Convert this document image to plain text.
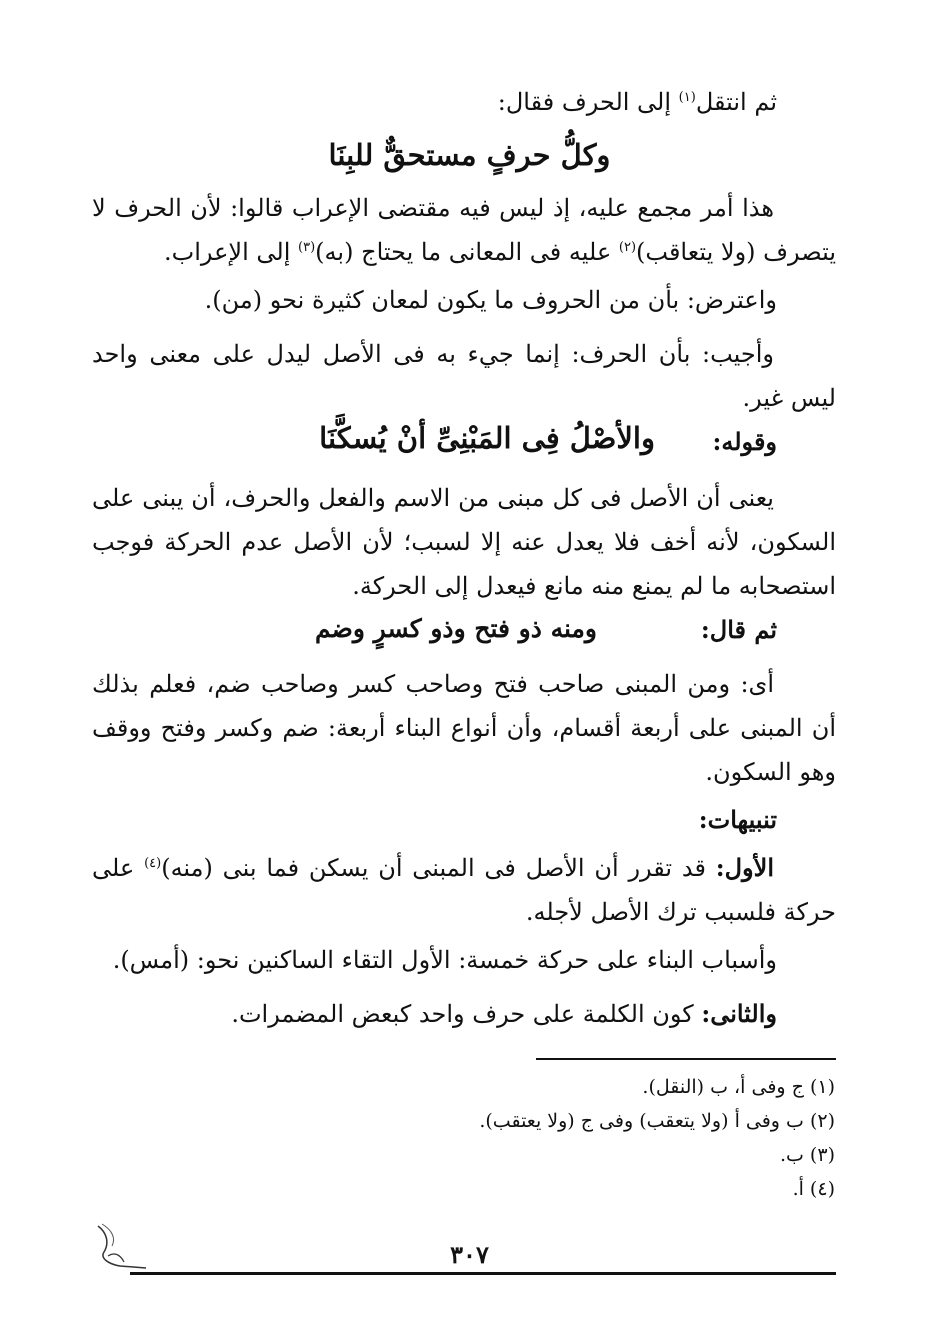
ثم انتقل$^{(١)}$ إلى الحرف فقال:

وكلُّ حرفٍ مستحقٌّ للبِنَا

هذا أمر مجمع عليه، إذ ليس فيه مقتضى الإعراب قالوا: لأن الحرف لا يتصرف (ولا يتعاقب)$^{(٢)}$ عليه فى المعانى ما يحتاج (به)$^{(٣)}$ إلى الإعراب.

واعترض: بأن من الحروف ما يكون لمعان كثيرة نحو (من).

وأجيب: بأن الحرف: إنما جيء به فى الأصل ليدل على معنى واحد ليس غير.

وقوله:
والأصْلُ فِى المَبْنِىِّ أنْ يُسكَّنَا

يعنى أن الأصل فى كل مبنى من الاسم والفعل والحرف، أن يبنى على السكون، لأنه أخف فلا يعدل عنه إلا لسبب؛ لأن الأصل عدم الحركة فوجب استصحابه ما لم يمنع منه مانع فيعدل إلى الحركة.

ثم قال:
ومنه ذو فتح وذو كسرٍ وضم

أى: ومن المبنى صاحب فتح وصاحب كسر وصاحب ضم، فعلم بذلك أن المبنى على أربعة أقسام، وأن أنواع البناء أربعة: ضم وكسر وفتح ووقف وهو السكون.

تنبيهات:

الأول: قد تقرر أن الأصل فى المبنى أن يسكن فما بنى (منه)$^{(٤)}$ على حركة فلسبب ترك الأصل لأجله.

وأسباب البناء على حركة خمسة: الأول التقاء الساكنين نحو: (أمس).

والثانى: كون الكلمة على حرف واحد كبعض المضمرات.

(١) ج وفى أ، ب (النقل).
(٢) ب وفى أ (ولا يتعقب) وفى ج (ولا يعتقب).
(٣) ب.
(٤) أ.
٣٠٧
